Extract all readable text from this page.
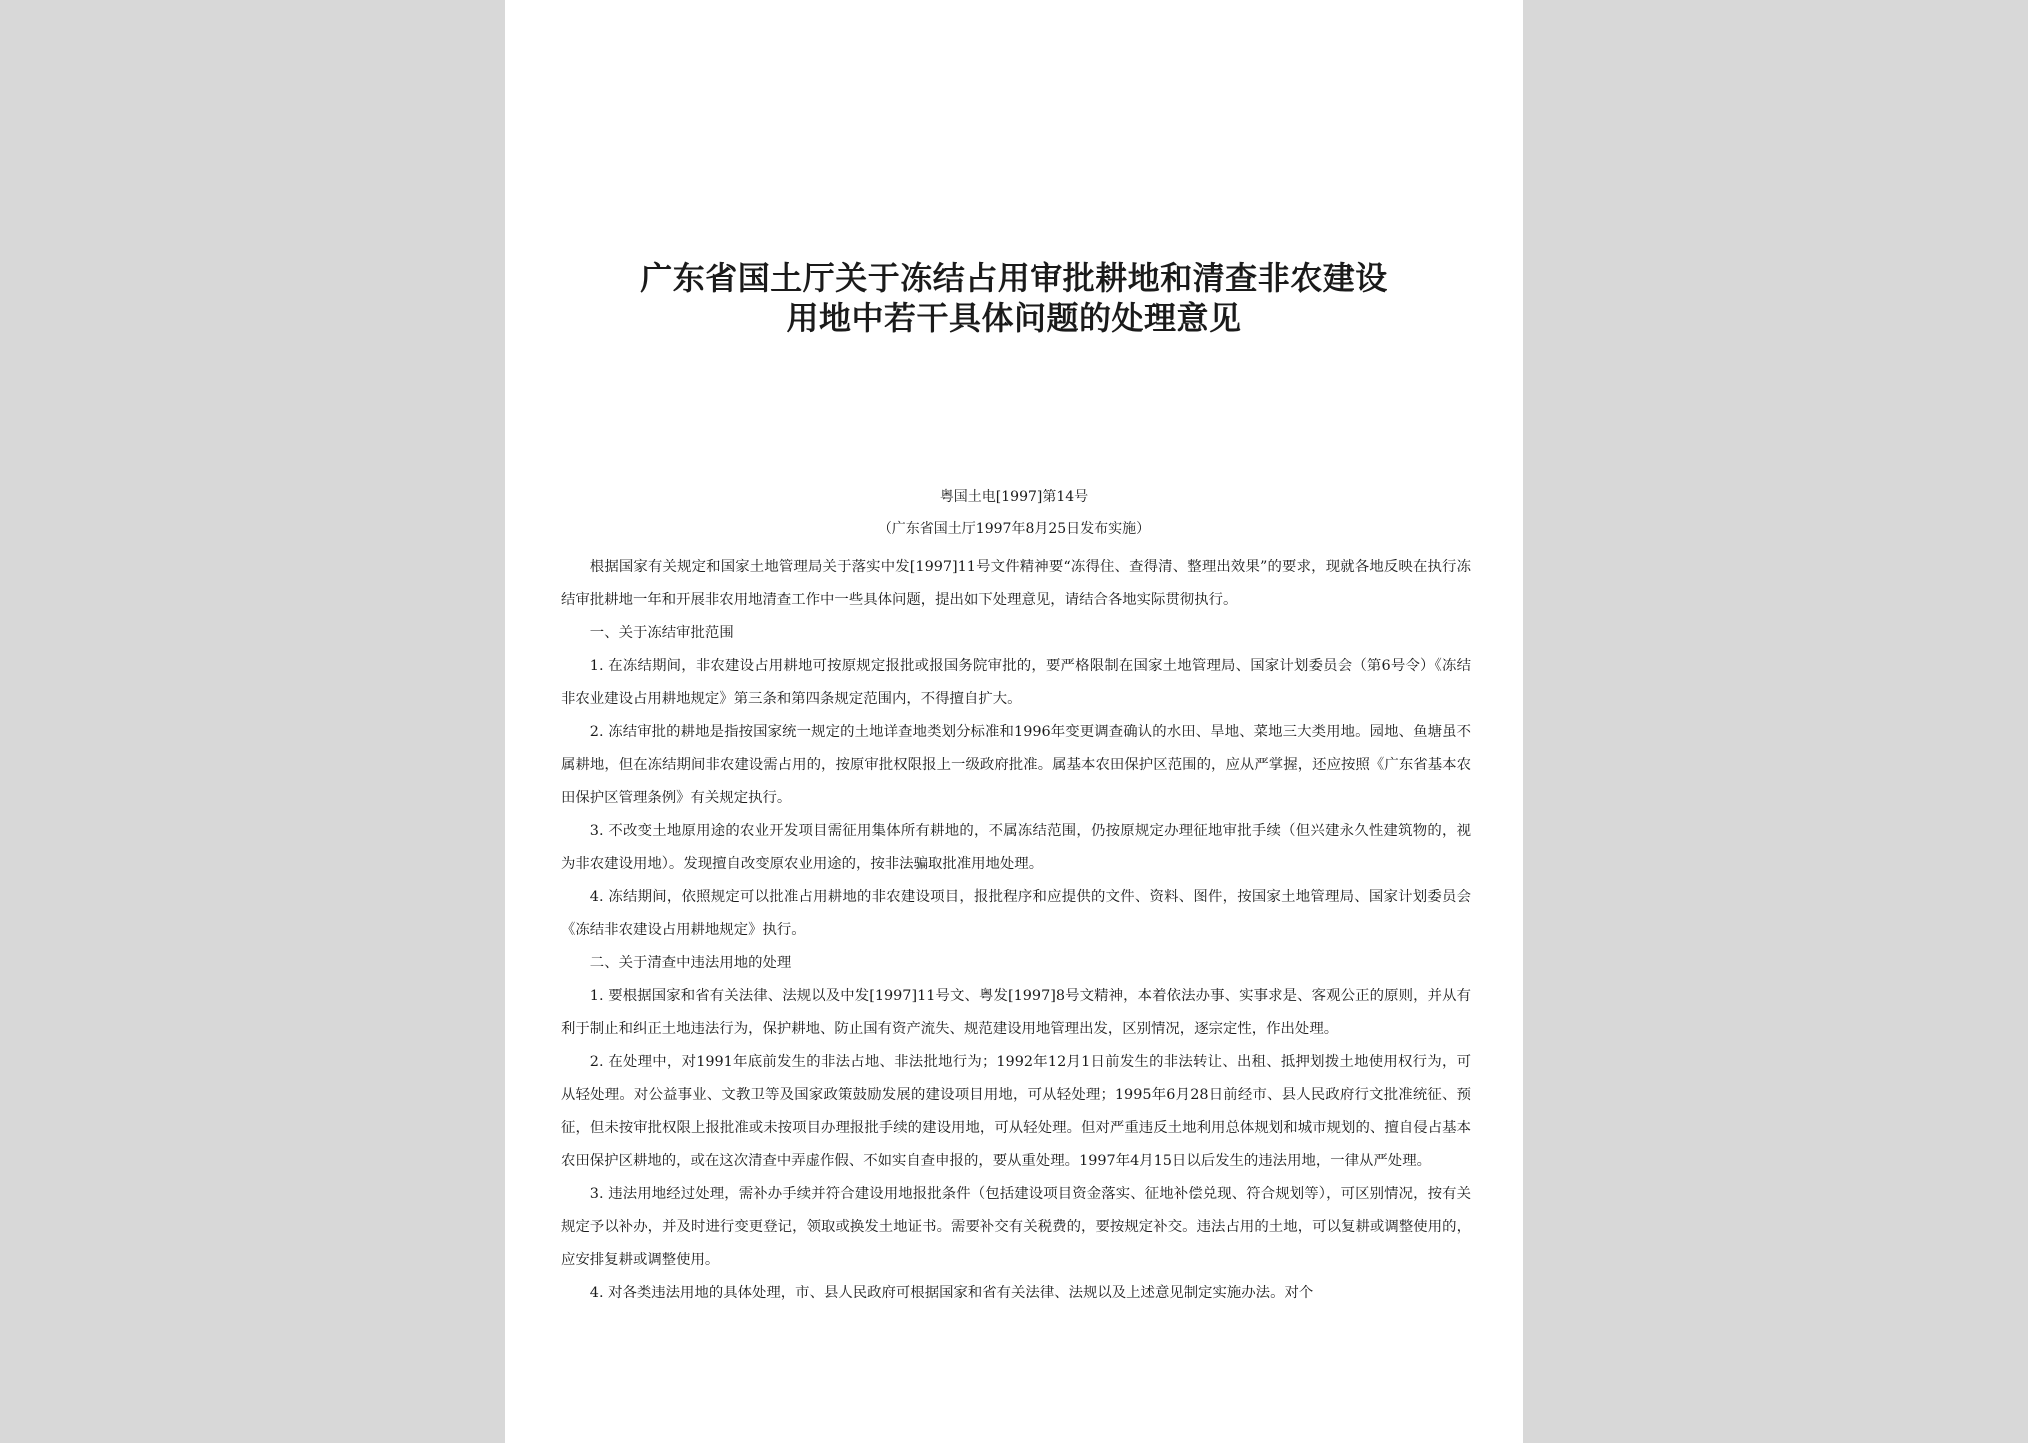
广东省国土厅关于冻结占用审批耕地和清查非农建设
用地中若干具体问题的处理意见
粤国土电[1997]第14号
（广东省国土厅1997年8月25日发布实施）

根据国家有关规定和国家土地管理局关于落实中发[1997]11号文件精神要“冻得住、查得清、整理出效果”的要求，现就各地反映在执行冻结审批耕地一年和开展非农用地清查工作中一些具体问题，提出如下处理意见，请结合各地实际贯彻执行。

一、关于冻结审批范围

1. 在冻结期间，非农建设占用耕地可按原规定报批或报国务院审批的，要严格限制在国家土地管理局、国家计划委员会（第6号令）《冻结非农业建设占用耕地规定》第三条和第四条规定范围内，不得擅自扩大。

2. 冻结审批的耕地是指按国家统一规定的土地详查地类划分标准和1996年变更调查确认的水田、旱地、菜地三大类用地。园地、鱼塘虽不属耕地，但在冻结期间非农建设需占用的，按原审批权限报上一级政府批准。属基本农田保护区范围的，应从严掌握，还应按照《广东省基本农田保护区管理条例》有关规定执行。

3. 不改变土地原用途的农业开发项目需征用集体所有耕地的，不属冻结范围，仍按原规定办理征地审批手续（但兴建永久性建筑物的，视为非农建设用地）。发现擅自改变原农业用途的，按非法骗取批准用地处理。

4. 冻结期间，依照规定可以批准占用耕地的非农建设项目，报批程序和应提供的文件、资料、图件，按国家土地管理局、国家计划委员会《冻结非农建设占用耕地规定》执行。

二、关于清查中违法用地的处理

1. 要根据国家和省有关法律、法规以及中发[1997]11号文、粤发[1997]8号文精神，本着依法办事、实事求是、客观公正的原则，并从有利于制止和纠正土地违法行为，保护耕地、防止国有资产流失、规范建设用地管理出发，区别情况，逐宗定性，作出处理。

2. 在处理中，对1991年底前发生的非法占地、非法批地行为；1992年12月1日前发生的非法转让、出租、抵押划拨土地使用权行为，可从轻处理。对公益事业、文教卫等及国家政策鼓励发展的建设项目用地，可从轻处理；1995年6月28日前经市、县人民政府行文批准统征、预征，但未按审批权限上报批准或未按项目办理报批手续的建设用地，可从轻处理。但对严重违反土地利用总体规划和城市规划的、擅自侵占基本农田保护区耕地的，或在这次清查中弄虚作假、不如实自查申报的，要从重处理。1997年4月15日以后发生的违法用地，一律从严处理。

3. 违法用地经过处理，需补办手续并符合建设用地报批条件（包括建设项目资金落实、征地补偿兑现、符合规划等），可区别情况，按有关规定予以补办，并及时进行变更登记，领取或换发土地证书。需要补交有关税费的，要按规定补交。违法占用的土地，可以复耕或调整使用的，应安排复耕或调整使用。

4. 对各类违法用地的具体处理，市、县人民政府可根据国家和省有关法律、法规以及上述意见制定实施办法。对个
